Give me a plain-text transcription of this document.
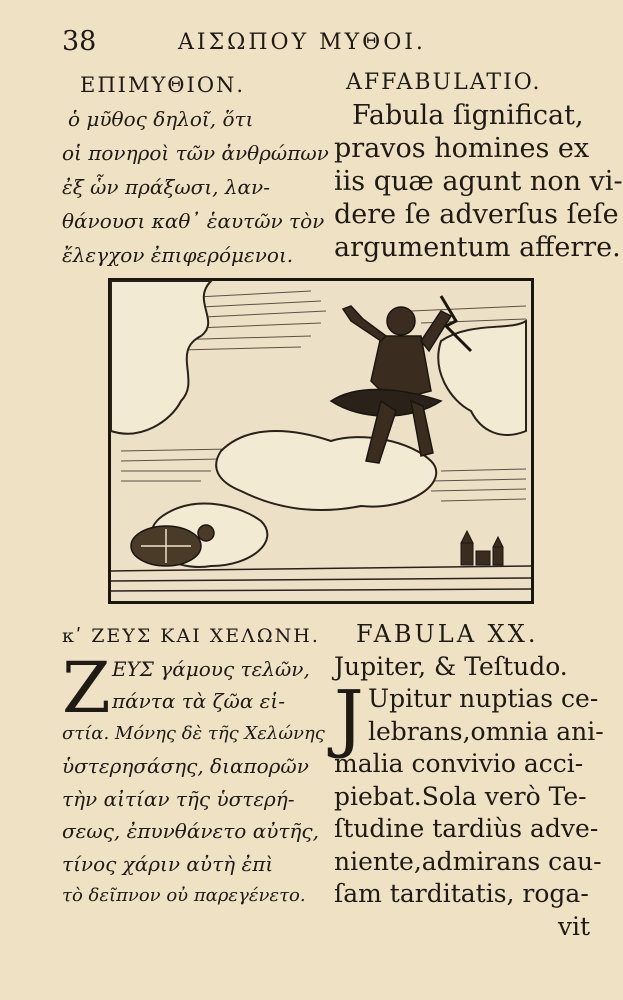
38	ΑΙΣΩΠΟΥ ΜΥΘΟΙ.
ΕΠΙΜΥΘΙΟΝ.
ὁ μῦθος δηλοῖ, ὅτι
οἱ πονηροὶ τῶν ἀνθρώπων
ἐξ ὧν πράξωσι, λαν-
θάνουσι καθ᾽ ἑαυτῶν τὸν
ἔλεγχον ἐπιφερόμενοι.
AFFABULATIO.
Fabula ſignificat,
pravos homines ex
iis quæ agunt non vi-
dere ſe adverſus ſeſe
argumentum afferre.
κʹ ΖΕΥΣ ΚΑΙ ΧΕΛΩΝΗ.
Z ΕΥΣ γάμους τελῶν,
πάντα τὰ ζῶα εἱ-
στία. Μόνης δὲ τῆς Χελώνης
ὑστερησάσης, διαπορῶν
τὴν αἰτίαν τῆς ὑστερή-
σεως, ἐπυνθάνετο αὐτῆς,
τίνος χάριν αὐτὴ ἐπὶ
τὸ δεῖπνον οὐ παρεγένετο.
FABULA XX.
Jupiter, & Teſtudo.
J Upitur nuptias ce-
lebrans,omnia ani-
malia convivio acci-
piebat.Sola verò Te-
ſtudine tardiùs adve-
niente,admirans cau-
ſam tarditatis, roga-
vit
